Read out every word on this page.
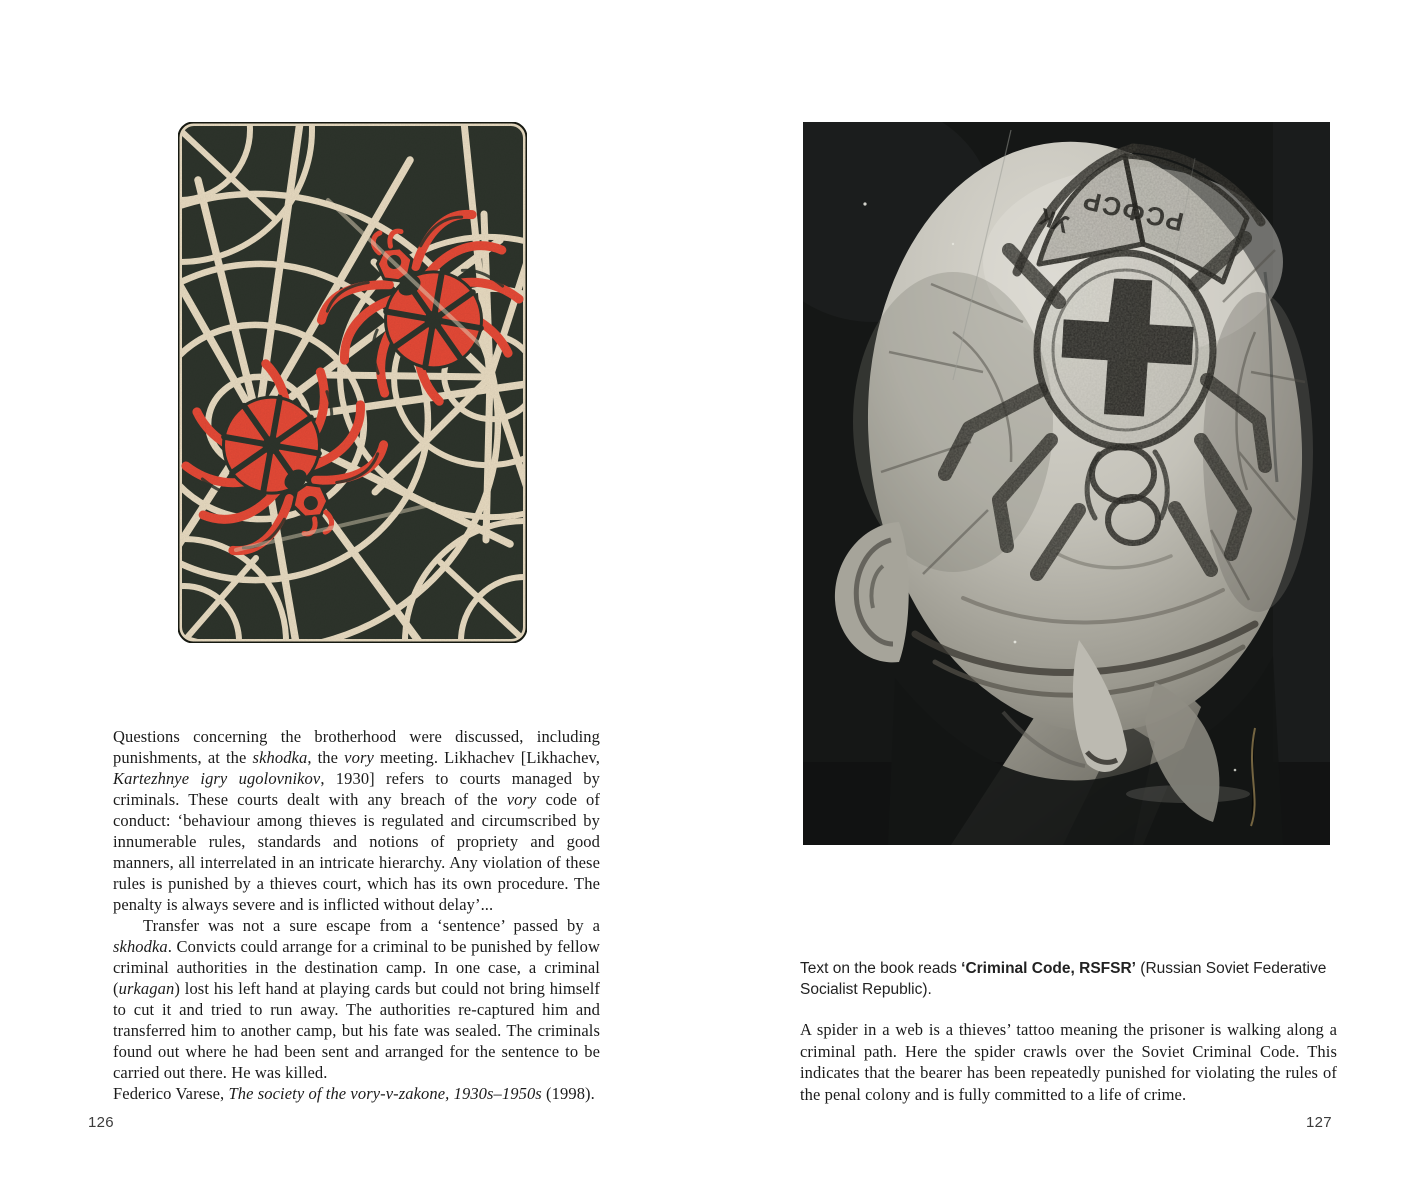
Questions concerning the brotherhood were discussed, including punishments, at the skhodka, the vory meeting. Likhachev [Likhachev, Kartezhnye igry ugolovnikov, 1930] refers to courts managed by criminals. These courts dealt with any breach of the vory code of conduct: ‘behaviour among thieves is regulated and circumscribed by innumerable rules, standards and notions of propriety and good manners, all interrelated in an intricate hierarchy. Any violation of these rules is punished by a thieves court, which has its own procedure. The penalty is always severe and is inflicted without delay’...

Transfer was not a sure escape from a ‘sentence’ passed by a skhodka. Convicts could arrange for a criminal to be punished by fellow criminal authorities in the destination camp. In one case, a criminal (urkagan) lost his left hand at playing cards but could not bring himself to cut it and tried to run away. The authorities re-captured him and transferred him to another camp, but his fate was sealed. The criminals found out where he had been sent and arranged for the sentence to be carried out there. He was killed.

Federico Varese, The society of the vory-v-zakone, 1930s–1950s (1998).

126
Text on the book reads ‘Criminal Code, RSFSR’ (Russian Soviet Federative Socialist Republic).

A spider in a web is a thieves’ tattoo meaning the prisoner is walking along a criminal path. Here the spider crawls over the Soviet Criminal Code. This indicates that the bearer has been repeatedly punished for violating the rules of the penal colony and is fully committed to a life of crime.

127
